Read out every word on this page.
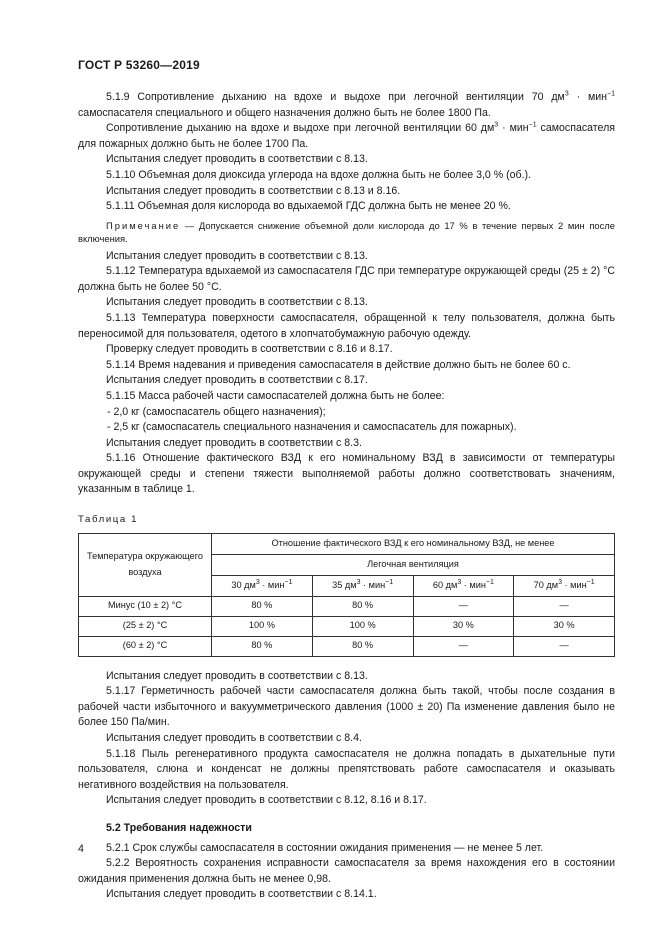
ГОСТ Р 53260—2019

5.1.9 Сопротивление дыханию на вдохе и выдохе при легочной вентиляции 70 $дм^3 \cdot мин^{-1}$ самоспасателя специального и общего назначения должно быть не более 1800 Па.

Сопротивление дыханию на вдохе и выдохе при легочной вентиляции 60 $дм^3 \cdot мин^{-1}$ самоспасателя для пожарных должно быть не более 1700 Па.

Испытания следует проводить в соответствии с 8.13.

5.1.10 Объемная доля диоксида углерода на вдохе должна быть не более 3,0 % (об.).

Испытания следует проводить в соответствии с 8.13 и 8.16.

5.1.11 Объемная доля кислорода во вдыхаемой ГДС должна быть не менее 20 %.

Примечание — Допускается снижение объемной доли кислорода до 17 % в течение первых 2 мин после включения.

Испытания следует проводить в соответствии с 8.13.

5.1.12 Температура вдыхаемой из самоспасателя ГДС при температуре окружающей среды (25 ± 2) °С должна быть не более 50 °С.

Испытания следует проводить в соответствии с 8.13.

5.1.13 Температура поверхности самоспасателя, обращенной к телу пользователя, должна быть переносимой для пользователя, одетого в хлопчатобумажную рабочую одежду.

Проверку следует проводить в соответствии с 8.16 и 8.17.

5.1.14 Время надевания и приведения самоспасателя в действие должно быть не более 60 с.

Испытания следует проводить в соответствии с 8.17.

5.1.15 Масса рабочей части самоспасателей должна быть не более:

- 2,0 кг (самоспасатель общего назначения);

- 2,5 кг (самоспасатель специального назначения и самоспасатель для пожарных).

Испытания следует проводить в соответствии с 8.3.

5.1.16 Отношение фактического ВЗД к его номинальному ВЗД в зависимости от температуры окружающей среды и степени тяжести выполняемой работы должно соответствовать значениям, указанным в таблице 1.

Таблица 1
Температура окружающего воздуха	Отношение фактического ВЗД к его номинальному ВЗД, не менее			
	Легочная вентиляция			
	30 $дм^3 \cdot мин^{-1}$	35 $дм^3 \cdot мин^{-1}$	60 $дм^3 \cdot мин^{-1}$	70 $дм^3 \cdot мин^{-1}$
Минус (10 ± 2) °С	80 %	80 %	—	—
(25 ± 2) °С	100 %	100 %	30 %	30 %
(60 ± 2) °С	80 %	80 %	—	—

Испытания следует проводить в соответствии с 8.13.

5.1.17 Герметичность рабочей части самоспасателя должна быть такой, чтобы после создания в рабочей части избыточного и вакуумметрического давления (1000 ± 20) Па изменение давления было не более 150 Па/мин.

Испытания следует проводить в соответствии с 8.4.

5.1.18 Пыль регенеративного продукта самоспасателя не должна попадать в дыхательные пути пользователя, слюна и конденсат не должны препятствовать работе самоспасателя и оказывать негативного воздействия на пользователя.

Испытания следует проводить в соответствии с 8.12, 8.16 и 8.17.

5.2 Требования надежности

5.2.1 Срок службы самоспасателя в состоянии ожидания применения — не менее 5 лет.

5.2.2 Вероятность сохранения исправности самоспасателя за время нахождения его в состоянии ожидания применения должна быть не менее 0,98.

Испытания следует проводить в соответствии с 8.14.1.

4
